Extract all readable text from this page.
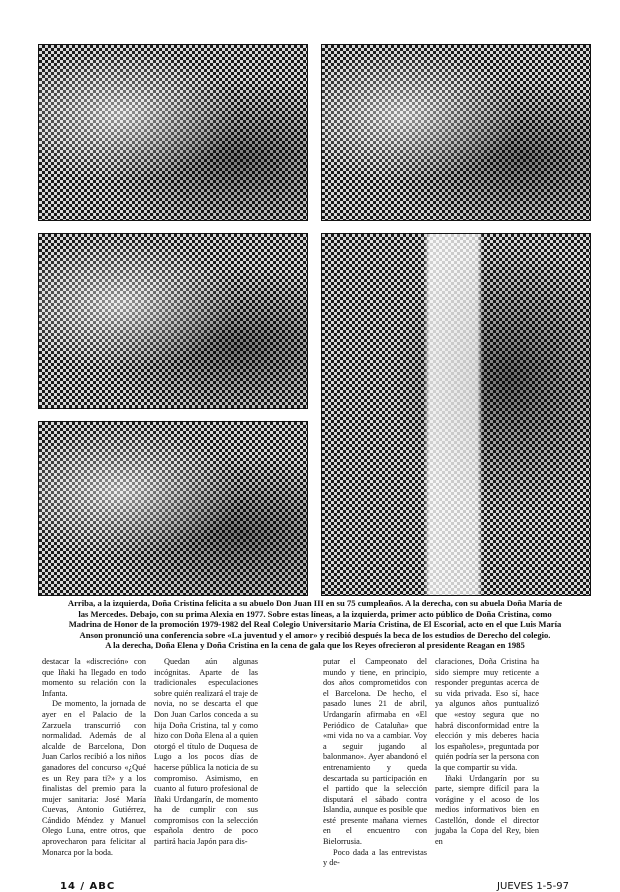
Arriba, a la izquierda, Doña Cristina felicita a su abuelo Don Juan III en su 75 cumpleaños. A la derecha, con su abuela Doña María de
las Mercedes. Debajo, con su prima Alexia en 1977. Sobre estas líneas, a la izquierda, primer acto público de Doña Cristina, como
Madrina de Honor de la promoción 1979-1982 del Real Colegio Universitario María Cristina, de El Escorial, acto en el que Luis María
Anson pronunció una conferencia sobre «La juventud y el amor» y recibió después la beca de los estudios de Derecho del colegio.
A la derecha, Doña Elena y Doña Cristina en la cena de gala que los Reyes ofrecieron al presidente Reagan en 1985

destacar la «discreción» con que Iñaki ha llegado en todo momento su relación con la Infanta.

De momento, la jornada de ayer en el Palacio de la Zarzuela transcurrió con normalidad. Además de al alcalde de Barcelona, Don Juan Carlos recibió a los niños ganadores del concurso «¿Qué es un Rey para ti?» y a los finalistas del premio para la mujer sanitaria: José María Cuevas, Antonio Gutiérrez, Cándido Méndez y Manuel Olego Luna, entre otros, que aprovecharon para felicitar al Monarca por la boda.

Quedan aún algunas incógnitas. Aparte de las tradicionales especulaciones sobre quién realizará el traje de novia, no se descarta el que Don Juan Carlos conceda a su hija Doña Cristina, tal y como hizo con Doña Elena al a quien otorgó el título de Duquesa de Lugo a los pocos días de hacerse pública la noticia de su compromiso. Asimismo, en cuanto al futuro profesional de Iñaki Urdangarín, de momento ha de cumplir con sus compromisos con la selección española dentro de poco partirá hacia Japón para dis-

putar el Campeonato del mundo y tiene, en principio, dos años comprometidos con el Barcelona. De hecho, el pasado lunes 21 de abril, Urdangarín afirmaba en «El Periódico de Cataluña» que «mi vida no va a cambiar. Voy a seguir jugando al balonmano». Ayer abandonó el entrenamiento y queda descartada su participación en el partido que la selección disputará el sábado contra Islandia, aunque es posible que esté presente mañana viernes en el encuentro con Bielorrusia.

Poco dada a las entrevistas y de-

claraciones, Doña Cristina ha sido siempre muy reticente a responder preguntas acerca de su vida privada. Eso sí, hace ya algunos años puntualizó que «estoy segura que no habrá disconformidad entre la elección y mis deberes hacia los españoles», preguntada por quién podría ser la persona con la que compartir su vida.

Iñaki Urdangarín por su parte, siempre difícil para la vorágine y el acoso de los medios informativos bien en Castellón, donde el director jugaba la Copa del Rey, bien en

14 / ABC	JUEVES 1-5-97
